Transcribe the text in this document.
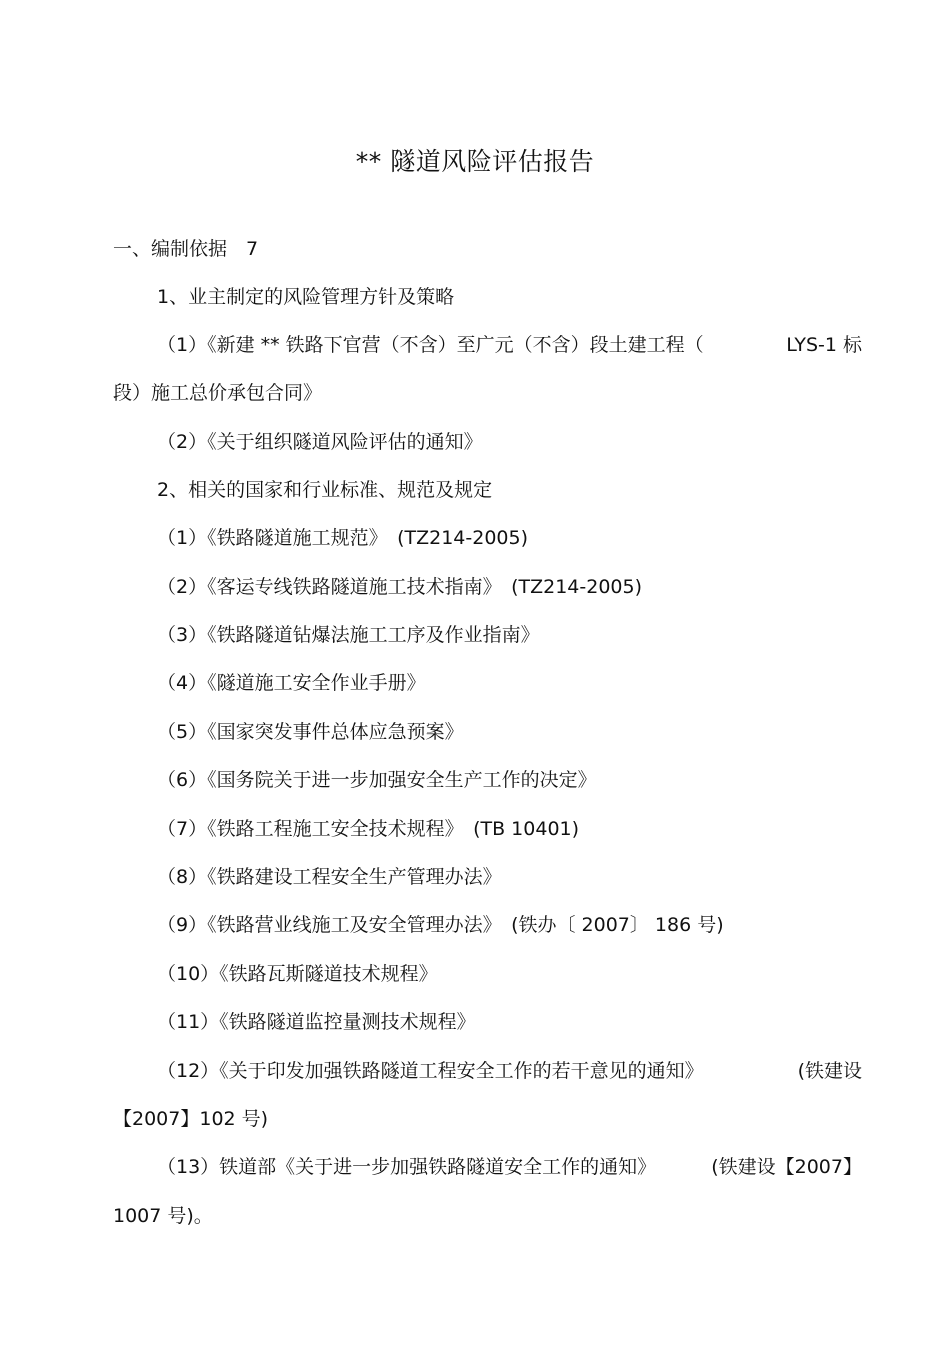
** 隧道风险评估报告
一、编制依据　7
1、业主制定的风险管理方针及策略
（1）《新建 ** 铁路下官营（不含）至广元（不含）段土建工程（	LYS-1 标
段）施工总价承包合同》
（2）《关于组织隧道风险评估的通知》
2、相关的国家和行业标准、规范及规定
（1）《铁路隧道施工规范》　(TZ214-2005)
（2）《客运专线铁路隧道施工技术指南》　(TZ214-2005)
（3）《铁路隧道钻爆法施工工序及作业指南》
（4）《隧道施工安全作业手册》
（5）《国家突发事件总体应急预案》
（6）《国务院关于进一步加强安全生产工作的决定》
（7）《铁路工程施工安全技术规程》　(TB 10401)
（8）《铁路建设工程安全生产管理办法》
（9）《铁路营业线施工及安全管理办法》　(铁办〔 2007〕 186 号)
（10）《铁路瓦斯隧道技术规程》
（11）《铁路隧道监控量测技术规程》
（12）《关于印发加强铁路隧道工程安全工作的若干意见的通知》	(铁建设
【2007】102 号)
（13）铁道部《关于进一步加强铁路隧道安全工作的通知》	(铁建设【2007】
1007 号)。
